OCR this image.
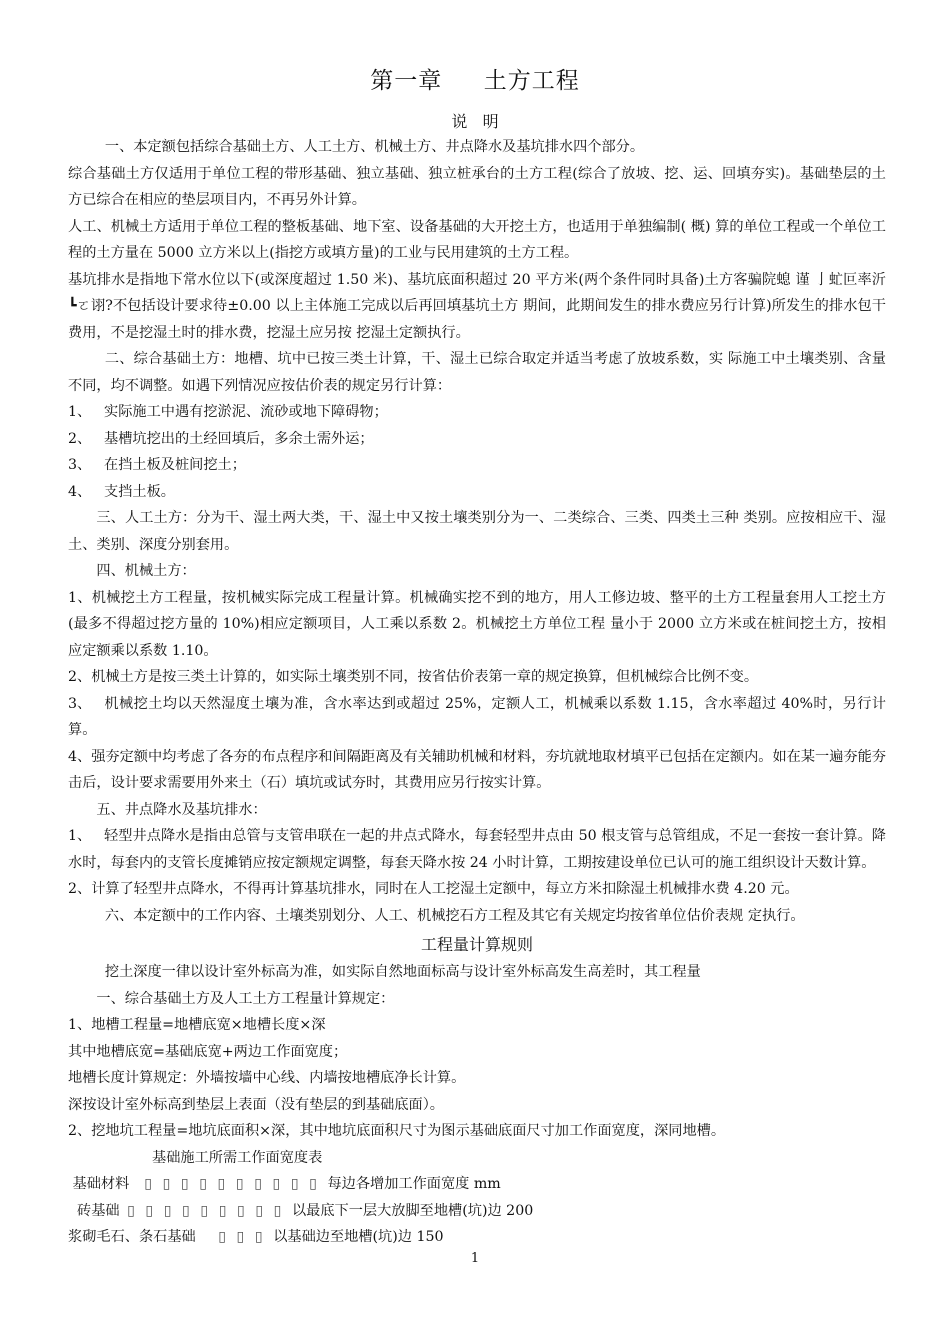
第一章     土方工程
说   明

一、本定额包括综合基础土方、人工土方、机械土方、井点降水及基坑排水四个部分。

综合基础土方仅适用于单位工程的带形基础、独立基础、独立桩承台的土方工程(综合了放坡、挖、运、回填夯实)。基础垫层的土方已综合在相应的垫层项目内，不再另外计算。

人工、机械土方适用于单位工程的整板基础、地下室、设备基础的大开挖土方，也适用于单独编制( 概) 算的单位工程或一个单位工程的土方量在 5000 立方米以上(指挖方或填方量)的工业与民用建筑的土方工程。

基坑排水是指地下常水位以下(或深度超过 1.50 米)、基坑底面积超过 20 平方米(两个条件同时具备)土方客骗院螅 谨 亅虻叵率沂 ┗ㄛ诩?不包括设计要求待±0.00 以上主体施工完成以后再回填基坑土方 期间，此期间发生的排水费应另行计算)所发生的排水包干费用，不是挖湿土时的排水费，挖湿土应另按 挖湿土定额执行。

二、综合基础土方：地槽、坑中已按三类土计算，干、湿土已综合取定并适当考虑了放坡系数，实 际施工中土壤类别、含量不同，均不调整。如遇下列情况应按估价表的规定另行计算：

1、 实际施工中遇有挖淤泥、流砂或地下障碍物；

2、 基槽坑挖出的土经回填后，多余土需外运；

3、 在挡土板及桩间挖土；

4、 支挡土板。

三、人工土方：分为干、湿土两大类，干、湿土中又按土壤类别分为一、二类综合、三类、四类土三种 类别。应按相应干、湿土、类别、深度分别套用。

四、机械土方：

1、机械挖土方工程量，按机械实际完成工程量计算。机械确实挖不到的地方，用人工修边坡、整平的土方工程量套用人工挖土方(最多不得超过挖方量的 10%)相应定额项目，人工乘以系数 2。机械挖土方单位工程 量小于 2000 立方米或在桩间挖土方，按相应定额乘以系数 1.10。

2、机械土方是按三类土计算的，如实际土壤类别不同，按省估价表第一章的规定换算，但机械综合比例不变。

3、 机械挖土均以天然湿度土壤为准，含水率达到或超过 25%，定额人工，机械乘以系数 1.15，含水率超过 40%时，另行计算。

4、强夯定额中均考虑了各夯的布点程序和间隔距离及有关辅助机械和材料，夯坑就地取材填平已包括在定额内。如在某一遍夯能夯击后，设计要求需要用外来土（石）填坑或试夯时，其费用应另行按实计算。

五、井点降水及基坑排水：

1、 轻型井点降水是指由总管与支管串联在一起的井点式降水，每套轻型井点由 50 根支管与总管组成，不足一套按一套计算。降水时，每套内的支管长度摊销应按定额规定调整，每套天降水按 24 小时计算，工期按建设单位已认可的施工组织设计天数计算。

2、计算了轻型井点降水，不得再计算基坑排水，同时在人工挖湿土定额中，每立方米扣除湿土机械排水费 4.20 元。

六、本定额中的工作内容、土壤类别划分、人工、机械挖石方工程及其它有关规定均按省单位估价表规 定执行。

工程量计算规则

挖土深度一律以设计室外标高为准，如实际自然地面标高与设计室外标高发生高差时，其工程量

一、综合基础土方及人工土方工程量计算规定：

1、地槽工程量=地槽底宽×地槽长度×深

其中地槽底宽=基础底宽+两边工作面宽度；

地槽长度计算规定：外墙按墙中心线、内墙按地槽底净长计算。

深按设计室外标高到垫层上表面（没有垫层的到基础底面）。

2、挖地坑工程量=地坑底面积×深，其中地坑底面积尺寸为图示基础底面尺寸加工作面宽度，深同地槽。

基础施工所需工作面宽度表
基础材料  ▯ ▯ ▯ ▯ ▯ ▯ ▯ ▯ ▯ ▯ 每边各增加工作面宽度 mm
砖基础 ▯ ▯ ▯ ▯ ▯ ▯ ▯ ▯ ▯ 以最底下一层大放脚至地槽(坑)边 200
浆砌毛石、条石基础   ▯ ▯ ▯ 以基础边至地槽(坑)边 150
1
